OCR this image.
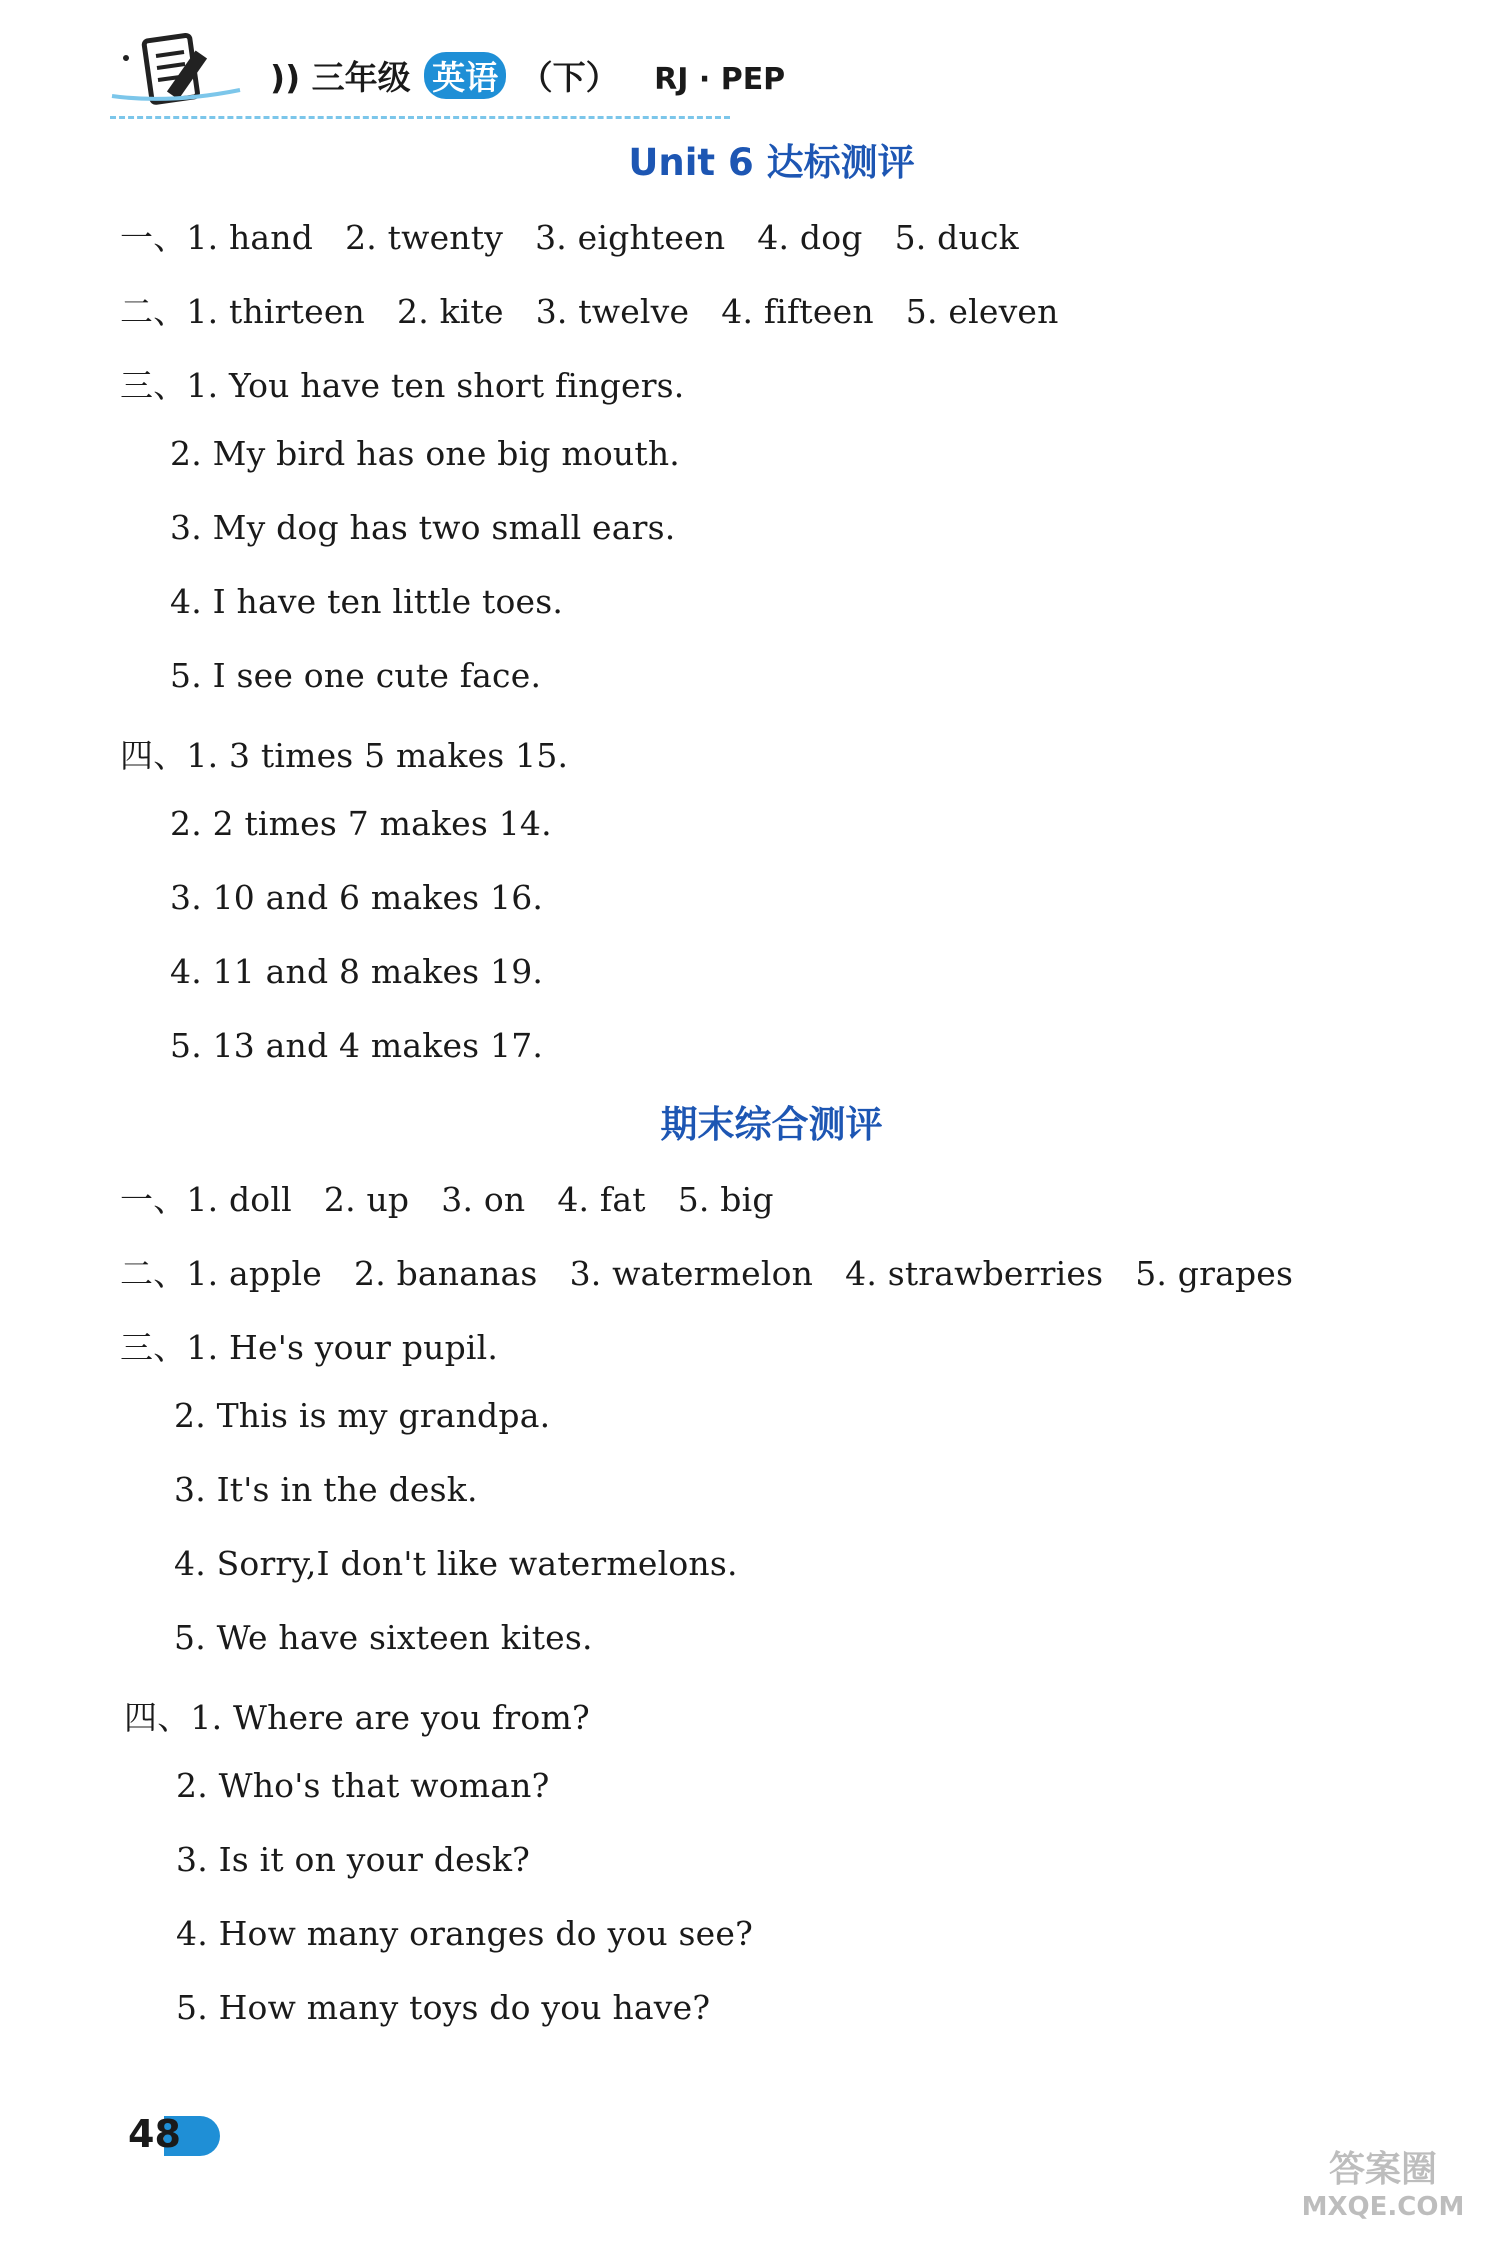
)) 三年级 英语 （下） RJ · PEP
Unit 6 达标测评
一、1. hand 2. twenty 3. eighteen 4. dog 5. duck
二、1. thirteen 2. kite 3. twelve 4. fifteen 5. eleven
三、1. You have ten short fingers.
2. My bird has one big mouth.
3. My dog has two small ears.
4. I have ten little toes.
5. I see one cute face.
四、1. 3 times 5 makes 15.
2. 2 times 7 makes 14.
3. 10 and 6 makes 16.
4. 11 and 8 makes 19.
5. 13 and 4 makes 17.
期末综合测评
一、1. doll 2. up 3. on 4. fat 5. big
二、1. apple 2. bananas 3. watermelon 4. strawberries 5. grapes
三、1. He's your pupil.
2. This is my grandpa.
3. It's in the desk.
4. Sorry,I don't like watermelons.
5. We have sixteen kites.
四、1. Where are you from?
2. Who's that woman?
3. Is it on your desk?
4. How many oranges do you see?
5. How many toys do you have?
48
答案圈
MXQE.COM
